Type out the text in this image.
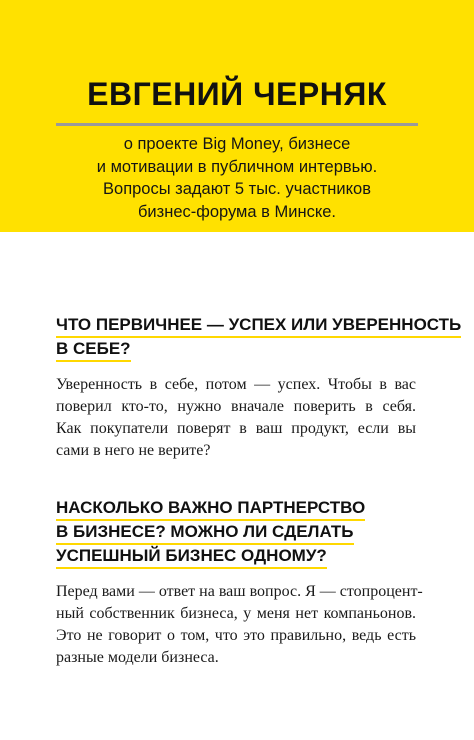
ЕВГЕНИЙ ЧЕРНЯК
о проекте Big Money, бизнесе
и мотивации в публичном интервью.
Вопросы задают 5 тыс. участников
бизнес-форума в Минске.
ЧТО ПЕРВИЧНЕЕ — УСПЕХ ИЛИ УВЕРЕННОСТЬ
В СЕБЕ?
Уверенность в себе, потом — успех. Чтобы в вас
поверил кто-то, нужно вначале поверить в себя.
Как покупатели поверят в ваш продукт, если вы
сами в него не верите?
НАСКОЛЬКО ВАЖНО ПАРТНЕРСТВО
В БИЗНЕСЕ? МОЖНО ЛИ СДЕЛАТЬ
УСПЕШНЫЙ БИЗНЕС ОДНОМУ?
Перед вами — ответ на ваш вопрос. Я — стопроцент-
ный собственник бизнеса, у меня нет компаньонов.
Это не говорит о том, что это правильно, ведь есть
разные модели бизнеса.
